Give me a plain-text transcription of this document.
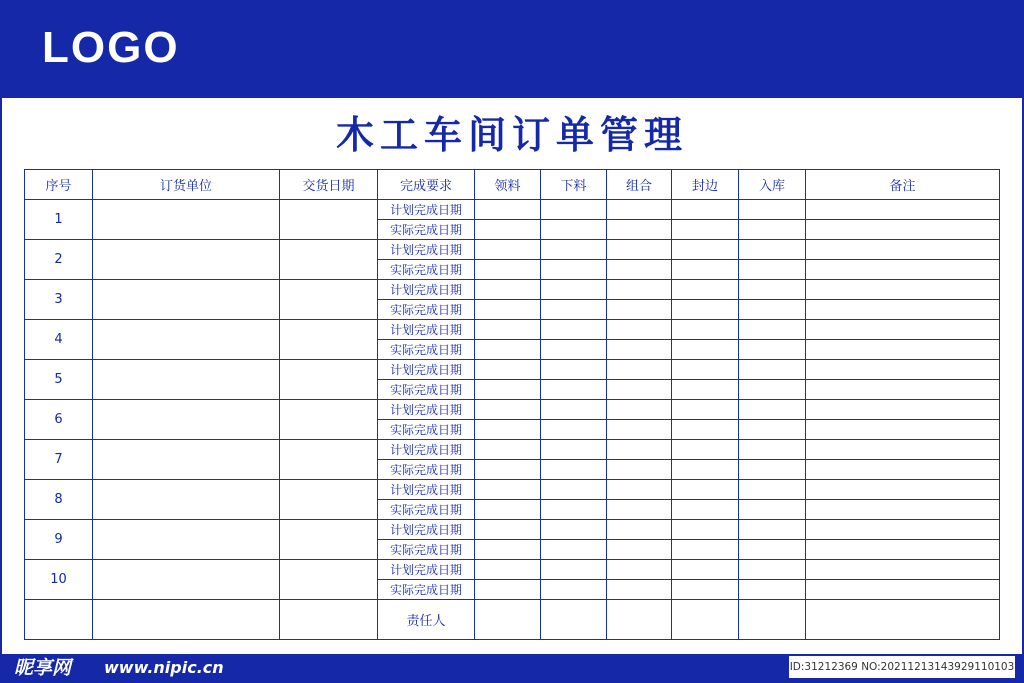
LOGO
木工车间订单管理
序号	订货单位	交货日期	完成要求	领料	下料	组合	封边	入库	备注
1			计划完成日期						
			实际完成日期						
2			计划完成日期						
			实际完成日期						
3			计划完成日期						
			实际完成日期						
4			计划完成日期						
			实际完成日期						
5			计划完成日期						
			实际完成日期						
6			计划完成日期						
			实际完成日期						
7			计划完成日期						
			实际完成日期						
8			计划完成日期						
			实际完成日期						
9			计划完成日期						
			实际完成日期						
10			计划完成日期						
			实际完成日期						
			责任人						
昵享网 www.nipic.cn	ID:31212369 NO:20211213143929110103
